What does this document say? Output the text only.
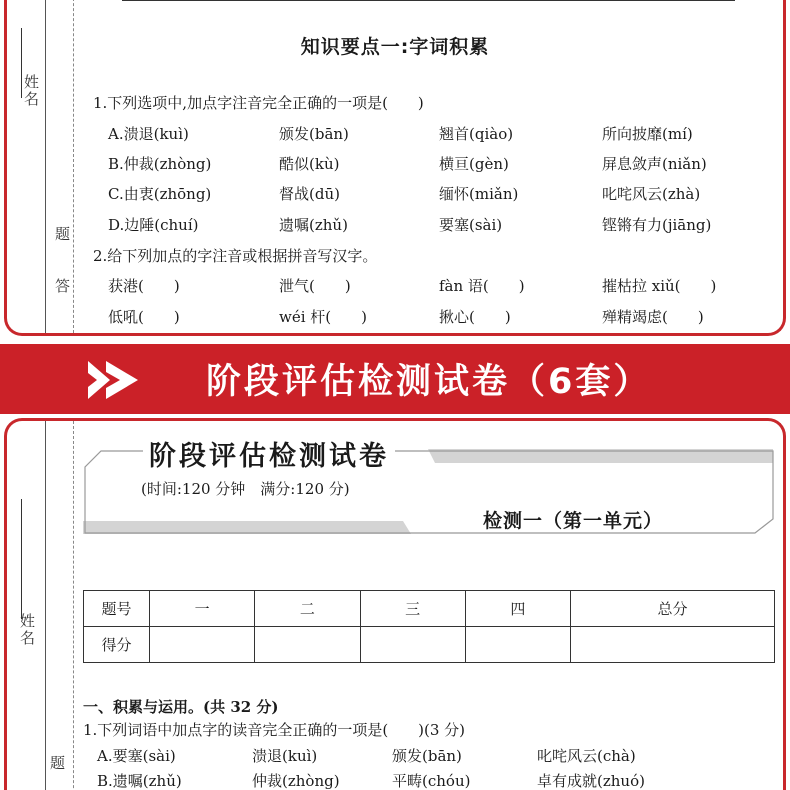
姓名
题
答
知识要点一:字词积累
1.下列选项中,加点字注音完全正确的一项是(　　)
A.溃退(kuì)	颁发(bān)	翘首(qiào)	所向披靡(mí)
B.仲裁(zhòng)	酷似(kù)	横亘(gèn)	屏息敛声(niǎn)
C.由衷(zhōng)	督战(dū)	缅怀(miǎn)	叱咤风云(zhà)
D.边陲(chuí)	遗嘱(zhǔ)	要塞(sài)	铿锵有力(jiāng)
2.给下列加点的字注音或根据拼音写汉字。
获港(　　)	泄气(　　)	fàn 语(　　)	摧枯拉 xiǔ(　　)
低吼(　　)	wéi 杆(　　)	揪心(　　)	殚精竭虑(　　)
阶段评估检测试卷（6套）
姓名
题
阶段评估检测试卷
(时间:120 分钟　满分:120 分)
检测一（第一单元）
题号	一	二	三	四	总分
得分					
一、积累与运用。(共 32 分)
1.下列词语中加点字的读音完全正确的一项是(　　)(3 分)
A.要塞(sài)	溃退(kuì)	颁发(bān)	叱咤风云(chà)
B.遗嘱(zhǔ)	仲裁(zhòng)	平畴(chóu)	卓有成就(zhuó)
